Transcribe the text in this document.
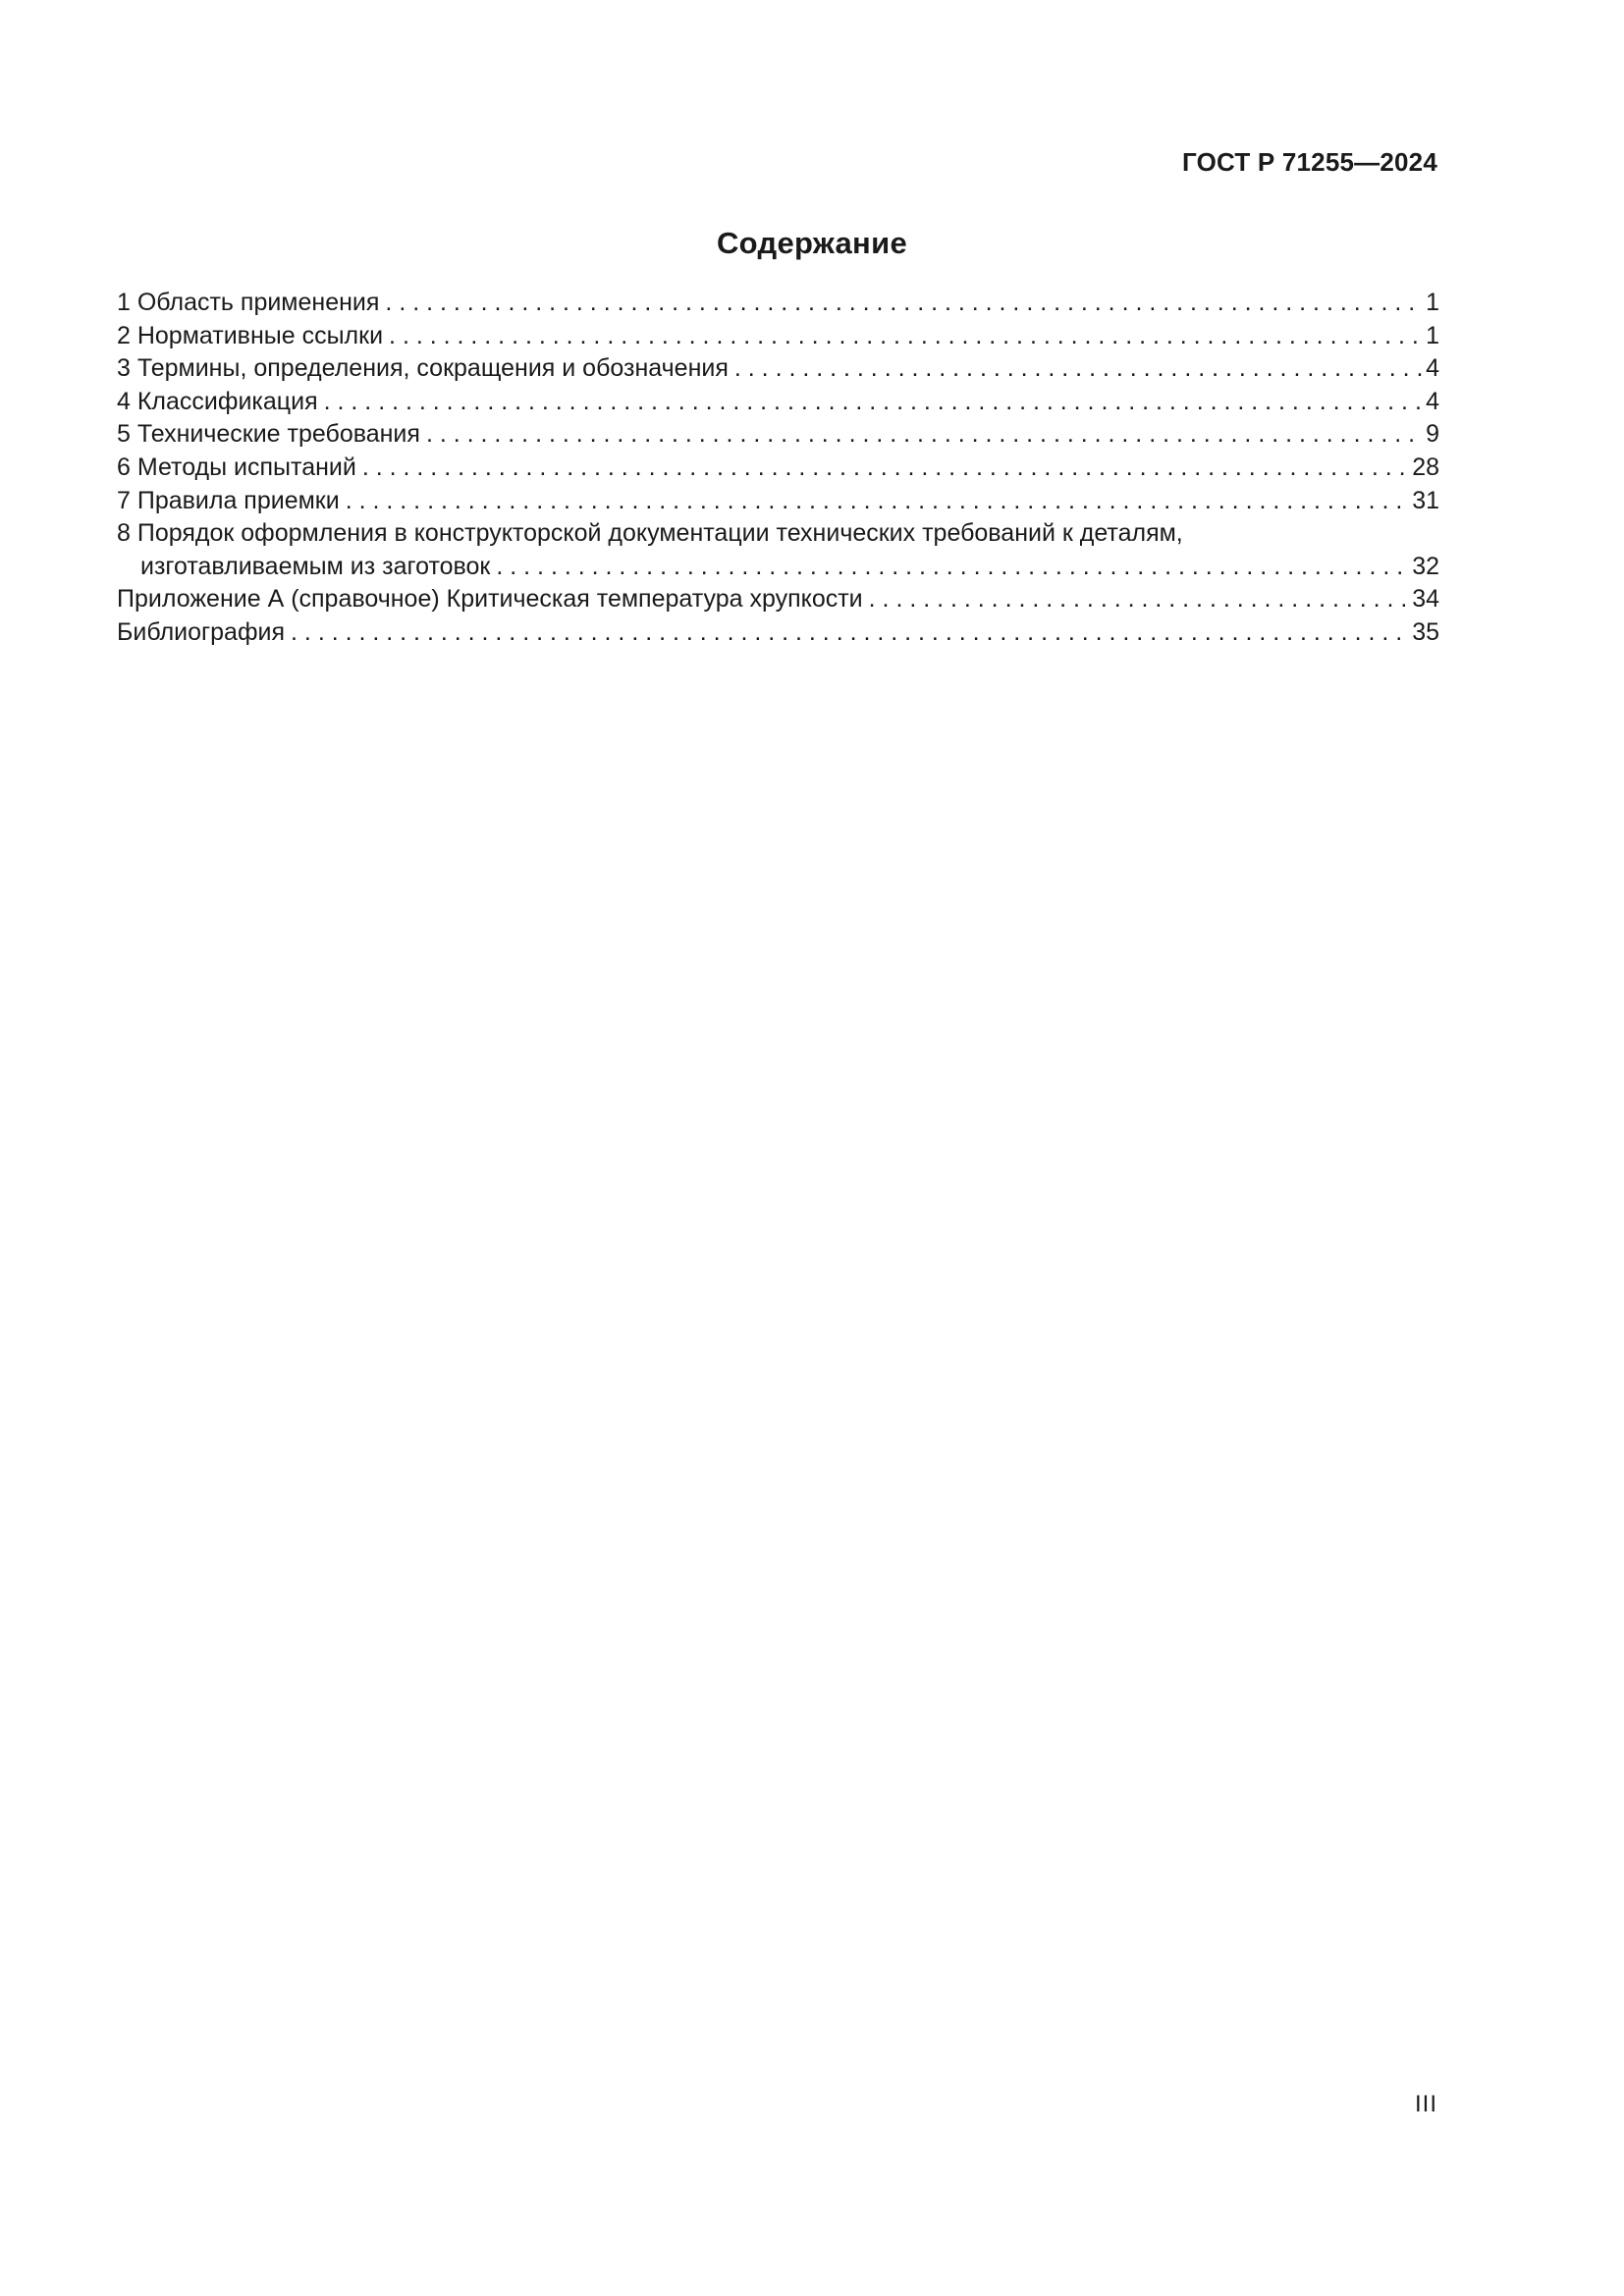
ГОСТ Р 71255—2024
Содержание
1 Область применения . . .	1
2 Нормативные ссылки . . .	1
3 Термины, определения, сокращения и обозначения . . .	4
4 Классификация . . .	4
5 Технические требования . . .	9
6 Методы испытаний . . .	28
7 Правила приемки . . .	31
8 Порядок оформления в конструкторской документации технических требований к деталям,
изготавливаемым из заготовок . . .	32
Приложение А (справочное) Критическая температура хрупкости . . .	34
Библиография . . .	35
III
